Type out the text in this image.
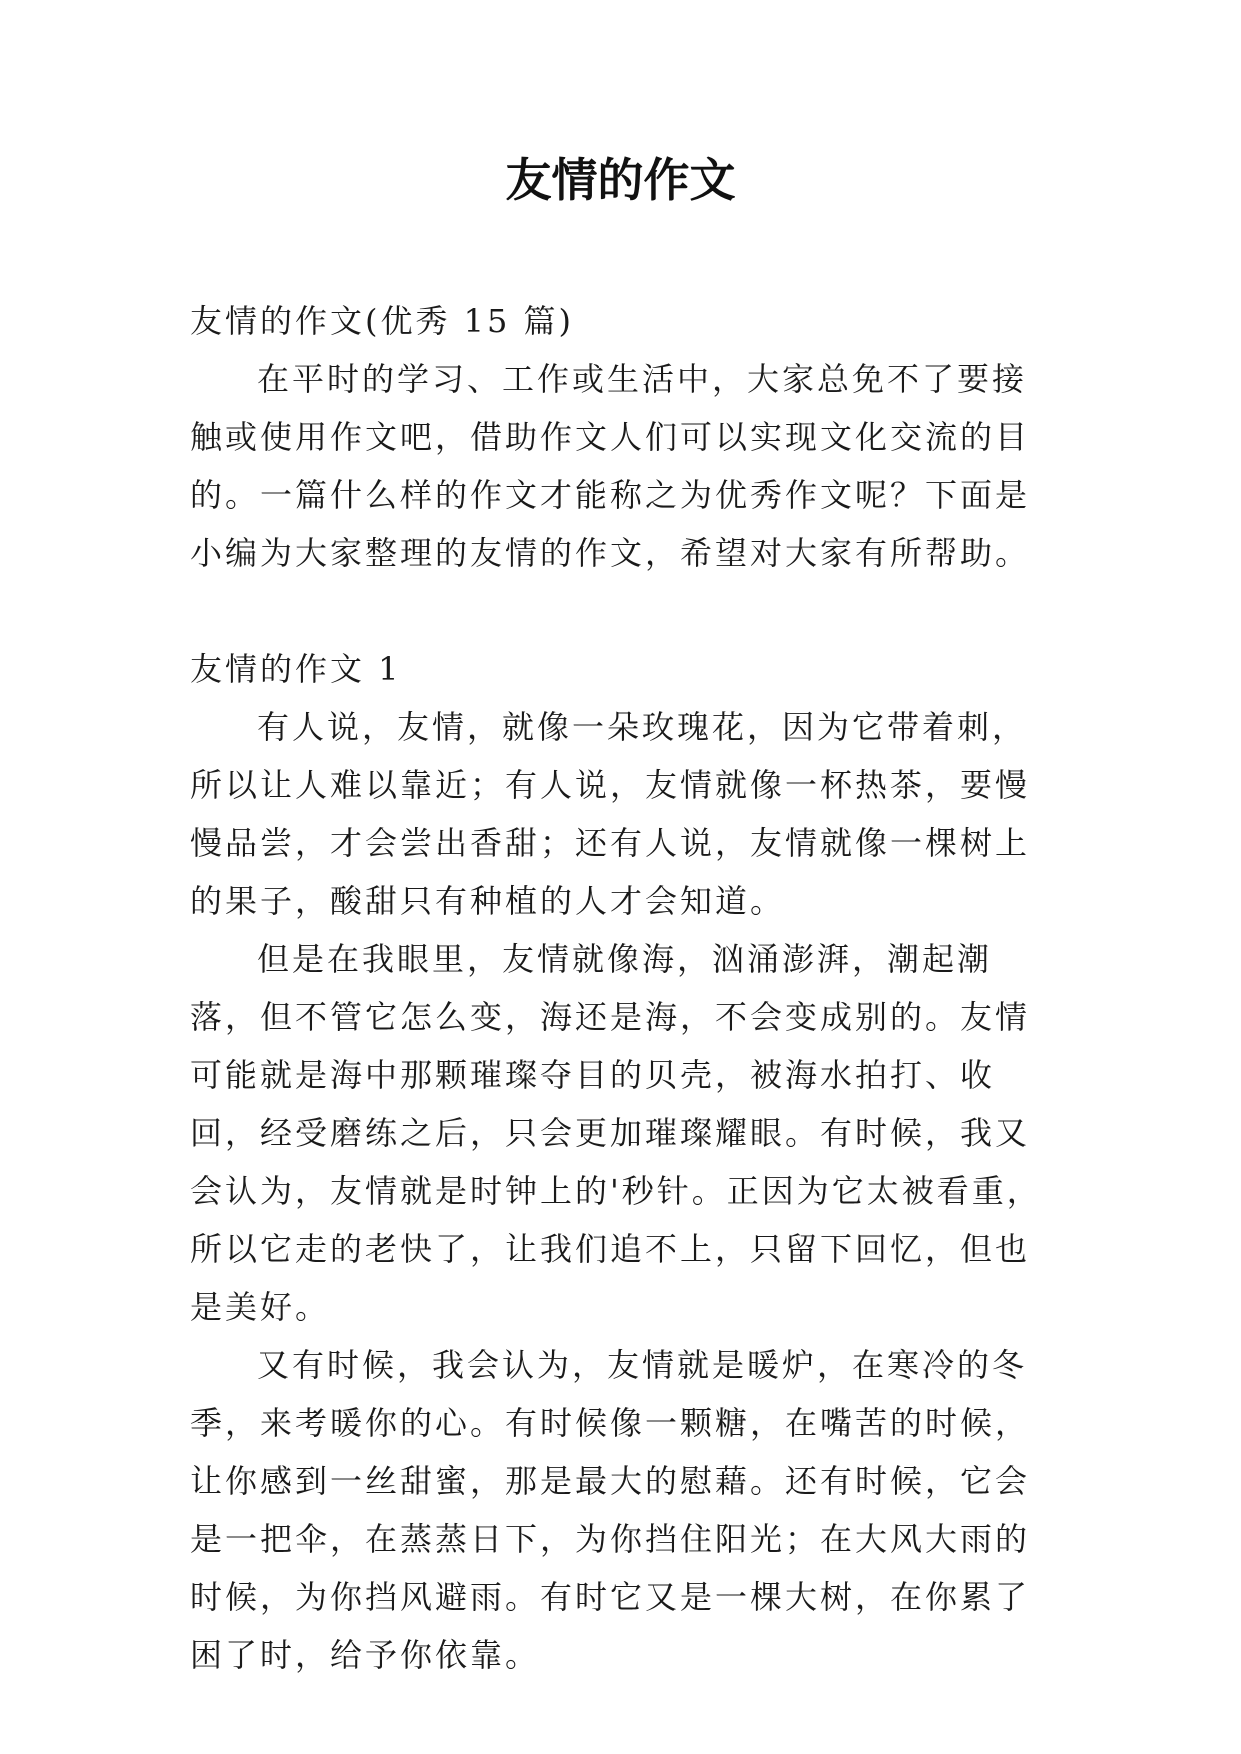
友情的作文

友情的作文(优秀 15 篇)

在平时的学习、工作或生活中，大家总免不了要接触或使用作文吧，借助作文人们可以实现文化交流的目的。一篇什么样的作文才能称之为优秀作文呢？下面是小编为大家整理的友情的作文，希望对大家有所帮助。

友情的作文 1

有人说，友情，就像一朵玫瑰花，因为它带着刺，所以让人难以靠近；有人说，友情就像一杯热茶，要慢慢品尝，才会尝出香甜；还有人说，友情就像一棵树上的果子，酸甜只有种植的人才会知道。

但是在我眼里，友情就像海，汹涌澎湃，潮起潮落，但不管它怎么变，海还是海，不会变成别的。友情可能就是海中那颗璀璨夺目的贝壳，被海水拍打、收回，经受磨练之后，只会更加璀璨耀眼。有时候，我又会认为，友情就是时钟上的'秒针。正因为它太被看重，所以它走的老快了，让我们追不上，只留下回忆，但也是美好。

又有时候，我会认为，友情就是暖炉，在寒冷的冬季，来考暖你的心。有时候像一颗糖，在嘴苦的时候，让你感到一丝甜蜜，那是最大的慰藉。还有时候，它会是一把伞，在蒸蒸日下，为你挡住阳光；在大风大雨的时候，为你挡风避雨。有时它又是一棵大树，在你累了困了时，给予你依靠。
